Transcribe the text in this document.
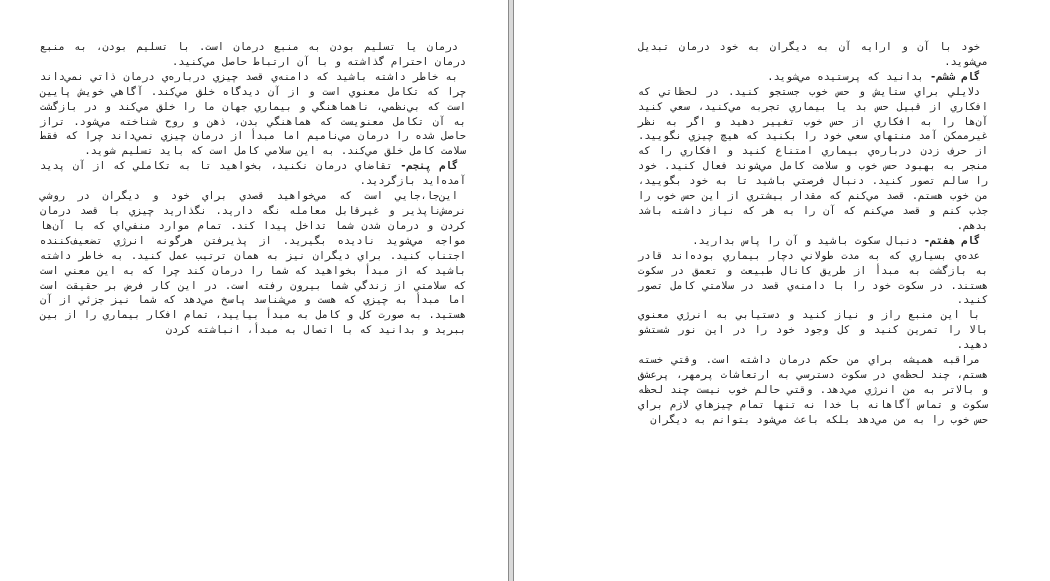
درمان يا تسليم بودن به منبع درمان است. با تسليم بودن، به منبع درمان احترام گذاشته و با آن ارتباط حاصل مي‌كنيد.

به خاطر داشته باشيد كه دامنه‌ي قصد چيزي درباره‌ي درمان ذاتي نمي‌داند چرا كه تكامل معنوي است و از آن ديدگاه خلق مي‌كند. آگاهي خويش پايين است كه بي‌نظمي، ناهماهنگي و بيماري جهان ما را خلق مي‌كند و در بازگشت به آن تكامل معنويست كه هماهنگي بدن، ذهن و روح شناخته مي‌شود. تراز حاصل شده را درمان مي‌ناميم اما مبدأ از درمان چيزي نمي‌داند چرا كه فقط سلامت كامل خلق مي‌كند. به اين سلامي كامل است كه بايد تسليم شويد.

گام پنجم- تقاضاي درمان نكنيد، بخواهيد تا به تكاملي كه از آن پديد آمده‌ايد بازگرديد.

اين‌جا،جايي است كه مي‌خواهيد قصدي براي خود و ديگران در روشي نرمش‌ناپذير و غيرقابل معامله نگه داريد. نگذاريد چيزي با قصد درمان كردن و درمان شدن شما تداخل پيدا كند. تمام موارد منفي‌اي كه با آن‌ها مواجه مي‌شويد ناديده بگيريد. از پذيرفتن هرگونه انرژي تضعيف‌كننده اجتناب كنيد. براي ديگران نيز به همان ترتيب عمل كنيد. به خاطر داشته باشيد كه از مبدأ بخواهيد كه شما را درمان كند چرا كه به اين معني است كه سلامتي از زندگي شما بيرون رفته است. در اين كار فرض بر حقيقت است اما مبدأ به چيزي كه هست و مي‌شناسد پاسخ مي‌دهد كه شما نيز جزئي از آن هستيد. به صورت كل و كامل به مبدأ بياييد، تمام افكار بيماري را از بين ببريد و بدانيد كه با اتصال به مبدأ، انباشته كردن

خود با آن و ارايه آن به ديگران به خود درمان تبديل مي‌شويد.

گام ششم- بدانيد كه پرستيده مي‌شويد.

دلايلي براي ستايش و حس خوب جستجو كنيد. در لحظاتي كه افكاري از قبيل حس بد يا بيماري تجربه مي‌كنيد، سعي كنيد آن‌ها را به افكاري از حس خوب تغيير دهيد و اگر به نظر غيرممكن آمد منتهاي سعي خود را بكنيد كه هيچ چيزي نگوييد. از حرف زدن درباره‌ي بيماري امتناع كنيد و افكاري را كه منجر به بهبود حس خوب و سلامت كامل مي‌شوند فعال كنيد. خود را سالم تصور كنيد. دنبال فرصتي باشيد تا به خود بگوييد، من خوب هستم. قصد مي‌كنم كه مقدار بيشتري از اين حس خوب را جذب كنم و قصد مي‌كنم كه آن را به هر كه نياز داشته باشد بدهم.

گام هفتم- دنبال سكوت باشيد و آن را پاس بداريد.

عده‌ي بسياري كه به مدت طولاني دچار بيماري بوده‌اند قادر به بازگشت به مبدأ از طريق كانال طبيعت و تعمق در سكوت هستند. در سكوت خود را با دامنه‌ي قصد در سلامتي كامل تصور كنيد.

با اين منبع راز و نياز كنيد و دستيابي به انرژي معنوي بالا را تمرين كنيد و كل وجود خود را در اين نور شستشو دهيد.

مراقبه هميشه براي من حكم درمان داشته است. وقتي خسته هستم، چند لحظه‌ي در سكوت دسترسي به ارتعاشات پرمهر، پرعشق و بالاتر به من انرژي مي‌دهد. وقتي حالم خوب نيست چند لحظه سكوت و تماس آگاهانه با خدا نه تنها تمام چيزهاي لازم براي حس خوب را به من مي‌دهد بلكه باعث مي‌شود بتوانم به ديگران
